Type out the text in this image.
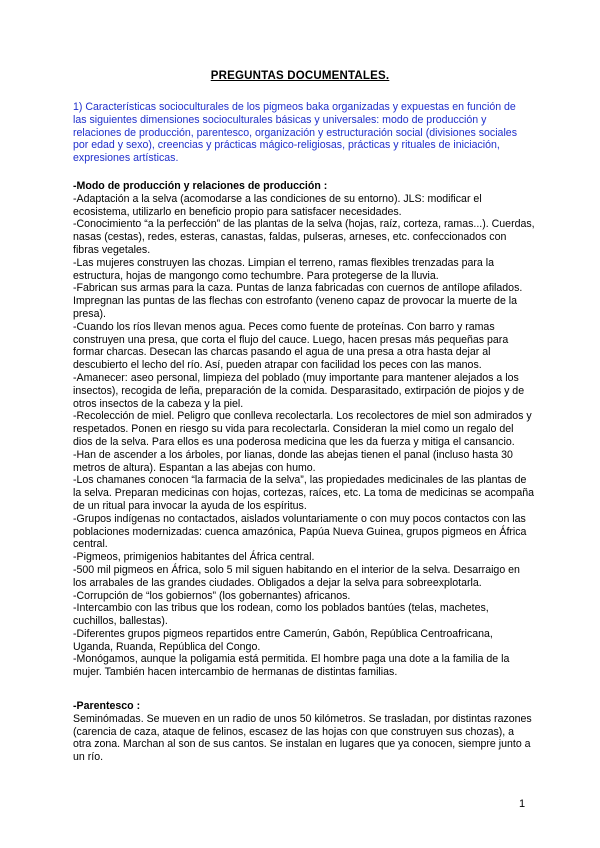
PREGUNTAS DOCUMENTALES.
1) Características socioculturales de los pigmeos baka organizadas y expuestas en función de las siguientes dimensiones socioculturales básicas y universales: modo de producción y relaciones de producción, parentesco, organización y estructuración social (divisiones sociales por edad y sexo), creencias y prácticas mágico-religiosas, prácticas y rituales de iniciación, expresiones artísticas.
-Modo de producción y relaciones de producción :

-Adaptación a la selva (acomodarse a las condiciones de su entorno). JLS: modificar el ecosistema, utilizarlo en beneficio propio para satisfacer necesidades.

-Conocimiento “a la perfección” de las plantas de la selva (hojas, raíz, corteza, ramas...). Cuerdas, nasas (cestas), redes, esteras, canastas, faldas, pulseras, arneses, etc. confeccionados con fibras vegetales.

-Las mujeres construyen las chozas. Limpian el terreno, ramas flexibles trenzadas para la estructura, hojas de mangongo como techumbre. Para protegerse de la lluvia.

-Fabrican sus armas para la caza. Puntas de lanza fabricadas con cuernos de antílope afilados. Impregnan las puntas de las flechas con estrofanto (veneno capaz de provocar la muerte de la presa).

-Cuando los ríos llevan menos agua. Peces como fuente de proteínas. Con barro y ramas construyen una presa, que corta el flujo del cauce. Luego, hacen presas más pequeñas para formar charcas. Desecan las charcas pasando el agua de una presa a otra hasta dejar al descubierto el lecho del río. Así, pueden atrapar con facilidad los peces con las manos.

-Amanecer: aseo personal, limpieza del poblado (muy importante para mantener alejados a los insectos), recogida de leña, preparación de la comida. Desparasitado, extirpación de piojos y de otros insectos de la cabeza y la piel.

-Recolección de miel. Peligro que conlleva recolectarla. Los recolectores de miel son admirados y respetados. Ponen en riesgo su vida para recolectarla. Consideran la miel como un regalo del dios de la selva. Para ellos es una poderosa medicina que les da fuerza y mitiga el cansancio.

-Han de ascender a los árboles, por lianas, donde las abejas tienen el panal (incluso hasta 30 metros de altura). Espantan a las abejas con humo.

-Los chamanes conocen “la farmacia de la selva”, las propiedades medicinales de las plantas de la selva. Preparan medicinas con hojas, cortezas, raíces, etc. La toma de medicinas se acompaña de un ritual para invocar la ayuda de los espíritus.

-Grupos indígenas no contactados, aislados voluntariamente o con muy pocos contactos con las poblaciones modernizadas: cuenca amazónica, Papúa Nueva Guinea, grupos pigmeos en África central.

-Pigmeos, primigenios habitantes del África central.

-500 mil pigmeos en África, solo 5 mil siguen habitando en el interior de la selva. Desarraigo en los arrabales de las grandes ciudades. Obligados a dejar la selva para sobreexplotarla.

-Corrupción de “los gobiernos” (los gobernantes) africanos.

-Intercambio con las tribus que los rodean, como los poblados bantúes (telas, machetes, cuchillos, ballestas).

-Diferentes grupos pigmeos repartidos entre Camerún, Gabón, República Centroafricana, Uganda, Ruanda, República del Congo.

-Monógamos, aunque la poligamia está permitida. El hombre paga una dote a la familia de la mujer. También hacen intercambio de hermanas de distintas familias.

-Parentesco :

Seminómadas. Se mueven en un radio de unos 50 kilómetros. Se trasladan, por distintas razones (carencia de caza, ataque de felinos, escasez de las hojas con que construyen sus chozas), a otra zona. Marchan al son de sus cantos. Se instalan en lugares que ya conocen, siempre junto a un río.

1
